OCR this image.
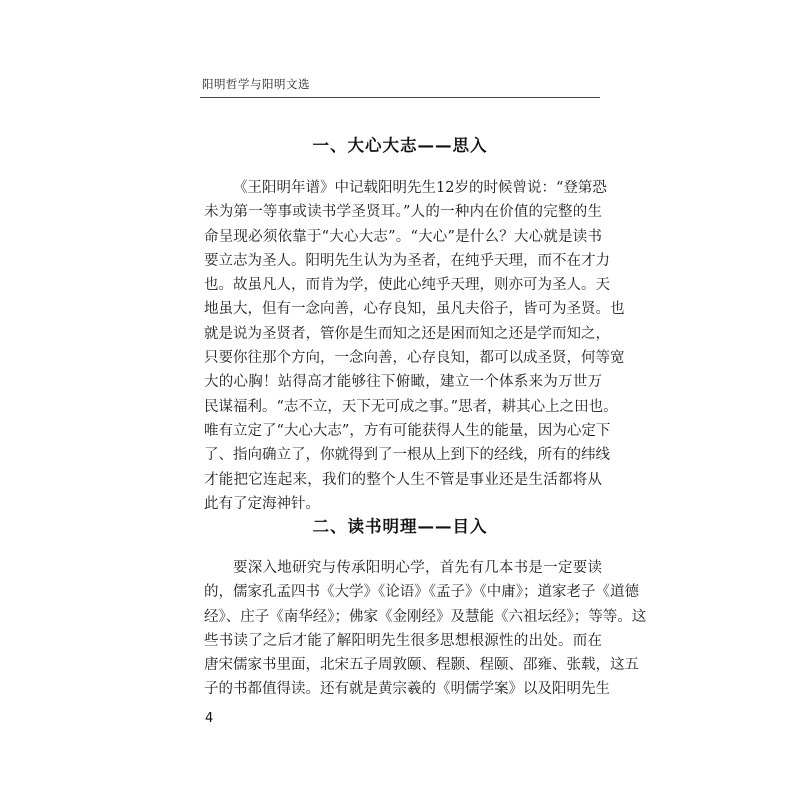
阳明哲学与阳明文选
一、大心大志——思入
《王阳明年谱》中记载阳明先生12岁的时候曾说：“登第恐
未为第一等事或读书学圣贤耳。”人的一种内在价值的完整的生
命呈现必须依靠于“大心大志”。“大心”是什么？大心就是读书
要立志为圣人。阳明先生认为为圣者，在纯乎天理，而不在才力
也。故虽凡人，而肯为学，使此心纯乎天理，则亦可为圣人。天
地虽大，但有一念向善，心存良知，虽凡夫俗子，皆可为圣贤。也
就是说为圣贤者，管你是生而知之还是困而知之还是学而知之，
只要你往那个方向，一念向善，心存良知，都可以成圣贤，何等宽
大的心胸！站得高才能够往下俯瞰，建立一个体系来为万世万
民谋福利。“志不立，天下无可成之事。”思者，耕其心上之田也。
唯有立定了“大心大志”，方有可能获得人生的能量，因为心定下
了、指向确立了，你就得到了一根从上到下的经线，所有的纬线
才能把它连起来，我们的整个人生不管是事业还是生活都将从
此有了定海神针。
二、读书明理——目入
要深入地研究与传承阳明心学，首先有几本书是一定要读
的，儒家孔孟四书《大学》《论语》《孟子》《中庸》；道家老子《道德
经》、庄子《南华经》；佛家《金刚经》及慧能《六祖坛经》；等等。这
些书读了之后才能了解阳明先生很多思想根源性的出处。而在
唐宋儒家书里面，北宋五子周敦颐、程颢、程颐、邵雍、张载，这五
子的书都值得读。还有就是黄宗羲的《明儒学案》以及阳明先生
4
